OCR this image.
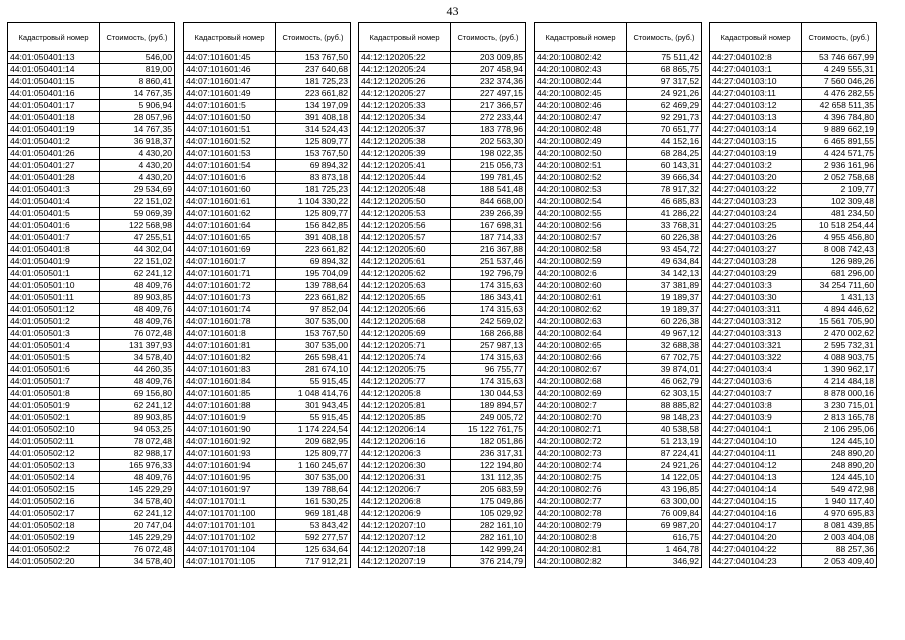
43
Кадастровый номер	Стоимость, (руб.)
44:01:050401:13	546,00
44:01:050401:14	819,00
44:01:050401:15	8 860,41
44:01:050401:16	14 767,35
44:01:050401:17	5 906,94
44:01:050401:18	28 057,96
44:01:050401:19	14 767,35
44:01:050401:2	36 918,37
44:01:050401:26	4 430,20
44:01:050401:27	4 430,20
44:01:050401:28	4 430,20
44:01:050401:3	29 534,69
44:01:050401:4	22 151,02
44:01:050401:5	59 069,39
44:01:050401:6	122 568,98
44:01:050401:7	47 255,51
44:01:050401:8	44 302,04
44:01:050401:9	22 151,02
44:01:050501:1	62 241,12
44:01:050501:10	48 409,76
44:01:050501:11	89 903,85
44:01:050501:12	48 409,76
44:01:050501:2	48 409,76
44:01:050501:3	76 072,48
44:01:050501:4	131 397,93
44:01:050501:5	34 578,40
44:01:050501:6	44 260,35
44:01:050501:7	48 409,76
44:01:050501:8	69 156,80
44:01:050501:9	62 241,12
44:01:050502:1	89 903,85
44:01:050502:10	94 053,25
44:01:050502:11	78 072,48
44:01:050502:12	82 988,17
44:01:050502:13	165 976,33
44:01:050502:14	48 409,76
44:01:050502:15	145 229,29
44:01:050502:16	34 578,40
44:01:050502:17	62 241,12
44:01:050502:18	20 747,04
44:01:050502:19	145 229,29
44:01:050502:2	76 072,48
44:01:050502:20	34 578,40
Кадастровый номер	Стоимость, (руб.)
44:07:101601:45	153 767,50
44:07:101601:46	237 640,68
44:07:101601:47	181 725,23
44:07:101601:49	223 661,82
44:07:101601:5	134 197,09
44:07:101601:50	391 408,18
44:07:101601:51	314 524,43
44:07:101601:52	125 809,77
44:07:101601:53	153 767,50
44:07:101601:54	69 894,32
44:07:101601:6	83 873,18
44:07:101601:60	181 725,23
44:07:101601:61	1 104 330,22
44:07:101601:62	125 809,77
44:07:101601:64	156 842,85
44:07:101601:65	391 408,18
44:07:101601:69	223 661,82
44:07:101601:7	69 894,32
44:07:101601:71	195 704,09
44:07:101601:72	139 788,64
44:07:101601:73	223 661,82
44:07:101601:74	97 852,04
44:07:101601:78	307 535,00
44:07:101601:8	153 767,50
44:07:101601:81	307 535,00
44:07:101601:82	265 598,41
44:07:101601:83	281 674,10
44:07:101601:84	55 915,45
44:07:101601:85	1 048 414,76
44:07:101601:88	301 943,45
44:07:101601:9	55 915,45
44:07:101601:90	1 174 224,54
44:07:101601:92	209 682,95
44:07:101601:93	125 809,77
44:07:101601:94	1 160 245,67
44:07:101601:95	307 535,00
44:07:101601:97	139 788,64
44:07:101701:1	161 530,25
44:07:101701:100	969 181,48
44:07:101701:101	53 843,42
44:07:101701:102	592 277,57
44:07:101701:104	125 634,64
44:07:101701:105	717 912,21
Кадастровый номер	Стоимость, (руб.)
44:12:120205:22	203 009,85
44:12:120205:24	207 458,94
44:12:120205:26	232 374,36
44:12:120205:27	227 497,15
44:12:120205:33	217 366,57
44:12:120205:34	272 233,44
44:12:120205:37	183 778,96
44:12:120205:38	202 563,30
44:12:120205:39	198 022,35
44:12:120205:41	215 056,73
44:12:120205:44	199 781,45
44:12:120205:48	188 541,48
44:12:120205:50	844 668,00
44:12:120205:53	239 266,39
44:12:120205:56	167 698,31
44:12:120205:57	187 714,33
44:12:120205:60	216 367,88
44:12:120205:61	251 537,46
44:12:120205:62	192 796,79
44:12:120205:63	174 315,63
44:12:120205:65	186 343,41
44:12:120205:66	174 315,63
44:12:120205:68	242 569,02
44:12:120205:69	168 266,88
44:12:120205:71	257 987,13
44:12:120205:74	174 315,63
44:12:120205:75	96 755,77
44:12:120205:77	174 315,63
44:12:120205:8	130 044,53
44:12:120205:81	189 894,57
44:12:120205:85	249 005,72
44:12:120206:14	15 122 761,75
44:12:120206:16	182 051,86
44:12:120206:3	236 317,31
44:12:120206:30	122 194,80
44:12:120206:31	131 112,35
44:12:120206:7	205 683,59
44:12:120206:8	175 049,86
44:12:120206:9	105 029,92
44:12:120207:10	282 161,10
44:12:120207:12	282 161,10
44:12:120207:18	142 999,24
44:12:120207:19	376 214,79
Кадастровый номер	Стоимость, (руб.)
44:20:100802:42	75 511,42
44:20:100802:43	68 865,75
44:20:100802:44	97 317,52
44:20:100802:45	24 921,26
44:20:100802:46	62 469,29
44:20:100802:47	92 291,73
44:20:100802:48	70 651,77
44:20:100802:49	44 152,16
44:20:100802:50	68 284,25
44:20:100802:51	60 143,31
44:20:100802:52	39 666,34
44:20:100802:53	78 917,32
44:20:100802:54	46 685,83
44:20:100802:55	41 286,22
44:20:100802:56	33 768,31
44:20:100802:57	60 226,38
44:20:100802:58	93 454,72
44:20:100802:59	49 634,84
44:20:100802:6	34 142,13
44:20:100802:60	37 381,89
44:20:100802:61	19 189,37
44:20:100802:62	19 189,37
44:20:100802:63	60 226,38
44:20:100802:64	49 967,12
44:20:100802:65	32 688,38
44:20:100802:66	67 702,75
44:20:100802:67	39 874,01
44:20:100802:68	46 062,79
44:20:100802:69	62 303,15
44:20:100802:7	88 885,82
44:20:100802:70	98 148,23
44:20:100802:71	40 538,58
44:20:100802:72	51 213,19
44:20:100802:73	87 224,41
44:20:100802:74	24 921,26
44:20:100802:75	14 122,05
44:20:100802:76	43 196,85
44:20:100802:77	63 300,00
44:20:100802:78	76 009,84
44:20:100802:79	69 987,20
44:20:100802:8	616,75
44:20:100802:81	1 464,78
44:20:100802:82	346,92
Кадастровый номер	Стоимость, (руб.)
44:27:040102:8	53 746 667,99
44:27:040103:1	4 249 555,31
44:27:040103:10	7 560 046,26
44:27:040103:11	4 476 282,55
44:27:040103:12	42 658 511,35
44:27:040103:13	4 396 784,80
44:27:040103:14	9 889 662,19
44:27:040103:15	6 465 891,55
44:27:040103:19	4 424 571,75
44:27:040103:2	2 936 161,96
44:27:040103:20	2 052 758,68
44:27:040103:22	2 109,77
44:27:040103:23	102 309,48
44:27:040103:24	481 234,50
44:27:040103:25	10 518 254,44
44:27:040103:26	4 955 456,80
44:27:040103:27	8 008 742,43
44:27:040103:28	126 989,26
44:27:040103:29	681 296,00
44:27:040103:3	34 254 711,60
44:27:040103:30	1 431,13
44:27:040103:311	4 894 446,62
44:27:040103:312	15 561 705,90
44:27:040103:313	2 470 002,62
44:27:040103:321	2 595 732,31
44:27:040103:322	4 088 903,75
44:27:040103:4	1 390 962,17
44:27:040103:6	4 214 484,18
44:27:040103:7	8 878 000,16
44:27:040103:8	3 230 715,01
44:27:040103:9	2 813 165,78
44:27:040104:1	2 106 295,06
44:27:040104:10	124 445,10
44:27:040104:11	248 890,20
44:27:040104:12	248 890,20
44:27:040104:13	124 445,10
44:27:040104:14	549 472,98
44:27:040104:15	1 940 117,40
44:27:040104:16	4 970 695,83
44:27:040104:17	8 081 439,85
44:27:040104:20	2 003 404,08
44:27:040104:22	88 257,36
44:27:040104:23	2 053 409,40
